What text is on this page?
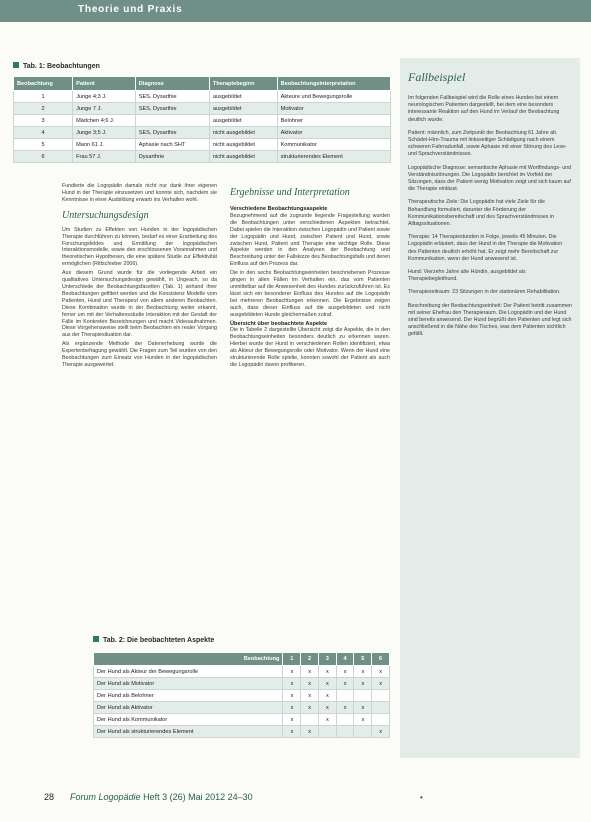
Theorie und Praxis
Tab. 1: Beobachtungen
Beobachtung	Patient	Diagnose	Therapiebeginn	Beobachtungsinterpretation
1	Junge 4;3 J.	SES, Dysarthie	ausgebildet	Akteure und Bewegungsrolle
2	Junge 7 J.	SES, Dysarthie	ausgebildet	Motivator
3	Mädchen 4;6 J.		ausgebildet	Belohner
4	Junge 3;5 J.	SES, Dysarthie	nicht ausgebildet	Aktivator
5	Mann 61 J.	Aphasie nach SHT	nicht ausgebildet	Kommunikator
6	Frau 57 J.	Dysarthrie	nicht ausgebildet	strukturierendes Element

Fundierte die Logopädin damals nicht nur dank ihrer eigenen Hund in der Therapie einzusetzen und konnte sich, nachdem sie Kenntnisse in einer Ausbildung erwarb ins Verhalten wohl.

Untersuchungsdesign

Um Studien zu Effekten von Hunden in der logopädischen Therapie durchführen zu können, bedarf es einer Erarbeitung des Forschungsfeldes und Ermittlung der logopädischen Interaktionsmodelle, sowie den erschlossenen Vorannahmen und theoretischen Hypothesen, die eine spätere Studie zur Effektivität ermöglichen (Rittschieber 2006).

Aus diesem Grund wurde für die vorliegende Arbeit ein qualitatives Untersuchungsdesign gewählt, in Ungeach, so da Unterschiede der Beobachtungsfacetten (Tab. 1) anhand ihrer Beobachtungen gefiltert werden und die Konsistenz Modelle vom Patienten, Hund und Therapeut von allem anderen Beobachten. Diese Kombination wurde in der Beobachtung weiter erkannt, ferner um mit der Verhaltensstudie Interaktion mit der Gestalt der Fälle im Konkreten Bezeichnungen und macht Videoaufnahmen. Diese Vorgehensweise stellt beim Beobachten ein realer Vorgang aus der Therapiesituation dar.

Als ergänzende Methode der Datenerhebung wurde die Expertenbefragung gewählt. Die Fragen zum Teil wurden von den Beobachtungen zum Einsatz von Hunden in der logopädischen Therapie ausgewertet.

Ergebnisse und Interpretation
Verschiedene Beobachtungsaspekte

Bezugnehmend auf die zugrunde liegende Fragestellung wurden die Beobachtungen unter verschiedenen Aspekten betrachtet. Dabei spielen die Interaktion zwischen Logopädin und Patient sowie der Logopädin und Hund, zwischen Patient und Hund, sowie zwischen Hund, Patient und Therapie eine wichtige Rolle. Diese Aspekte werden in den Analysen der Beobachtung und Beschreibung unter der Fallskizze des Beobachtungsfalls und deren Einfluss auf den Prozess dar.

Die in den sechs Beobachtungseinheiten beschriebenen Prozesse gingen in allen Fällen im Verhalten ein, das vom Patienten unmittelbar auf die Anwesenheit des Hundes zurückzuführen ist. Es lässt sich ein besonderer Einfluss des Hundes auf die Logopädin bei mehreren Beobachtungen erkennen. Die Ergebnisse zeigen auch, dass dieser Einfluss auf die ausgebildeten und nicht ausgebildeten Hunde gleichermaßen zutraf.

Übersicht über beobachtete Aspekte

Die in Tabelle 2 dargestellte Übersicht zeigt die Aspekte, die in den Beobachtungseinheiten besonders deutlich zu erkennen waren. Hierbei wurde der Hund in verschiedenen Rollen identifiziert, etwa als Akteur der Bewegungsrolle oder Motivator. Wenn der Hund eine strukturierende Rolle spielte, konnten sowohl der Patient als auch die Logopädin davon profitieren.

Fallbeispiel

Im folgenden Fallbeispiel wird die Rolle eines Hundes bei einem neurologischen Patienten dargestellt, bei dem eine besonders interessante Reaktion auf den Hund im Verlauf der Beobachtung deutlich wurde.

Patient: männlich, zum Zeitpunkt der Beobachtung 61 Jahre alt. Schädel-Hirn-Trauma mit linksseitiger Schädigung nach einem schweren Fahrradunfall, sowie Aphasie mit einer Störung des Lese- und Sprachverständnisses.

Logopädische Diagnose: semantische Aphasie mit Wortfindungs- und Verständnisstörungen. Die Logopädin berichtet im Vorfeld der Sitzungen, dass der Patient wenig Motivation zeigt und sich kaum auf die Therapie einlässt.

Therapeutische Ziele: Die Logopädin hat viele Ziele für die Behandlung formuliert, darunter die Förderung der Kommunikationsbereitschaft und des Sprachverständnisses in Alltagssituationen.

Therapie: 14 Therapiestunden in Folge, jeweils 45 Minuten. Die Logopädin erläutert, dass der Hund in der Therapie die Motivation des Patienten deutlich erhöht hat. Er zeigt mehr Bereitschaft zur Kommunikation, wenn der Hund anwesend ist.

Hund: Vierzehn Jahre alte Hündin, ausgebildet als Therapiebegleithund.

Therapiezeitraum: 23 Sitzungen in der stationären Rehabilitation.

Beschreibung der Beobachtungseinheit: Der Patient betritt zusammen mit seiner Ehefrau den Therapieraum. Die Logopädin und der Hund sind bereits anwesend. Der Hund begrüßt den Patienten und legt sich anschließend in die Nähe des Tisches, was dem Patienten sichtlich gefällt.

Tab. 2: Die beobachteten Aspekte
Beobachtung	1	2	3	4	5	6
Der Hund als Akteur der Bewegungsrolle	x	x	x	x	x	x
Der Hund als Motivator	x	x	x	x	x	x
Der Hund als Belohner	x	x	x			
Der Hund als Aktivator	x	x	x	x	x	
Der Hund als Kommunikator	x		x		x	
Der Hund als strukturierendes Element	x	x				x
28 Forum Logopädie Heft 3 (26) Mai 2012 24–30	•
